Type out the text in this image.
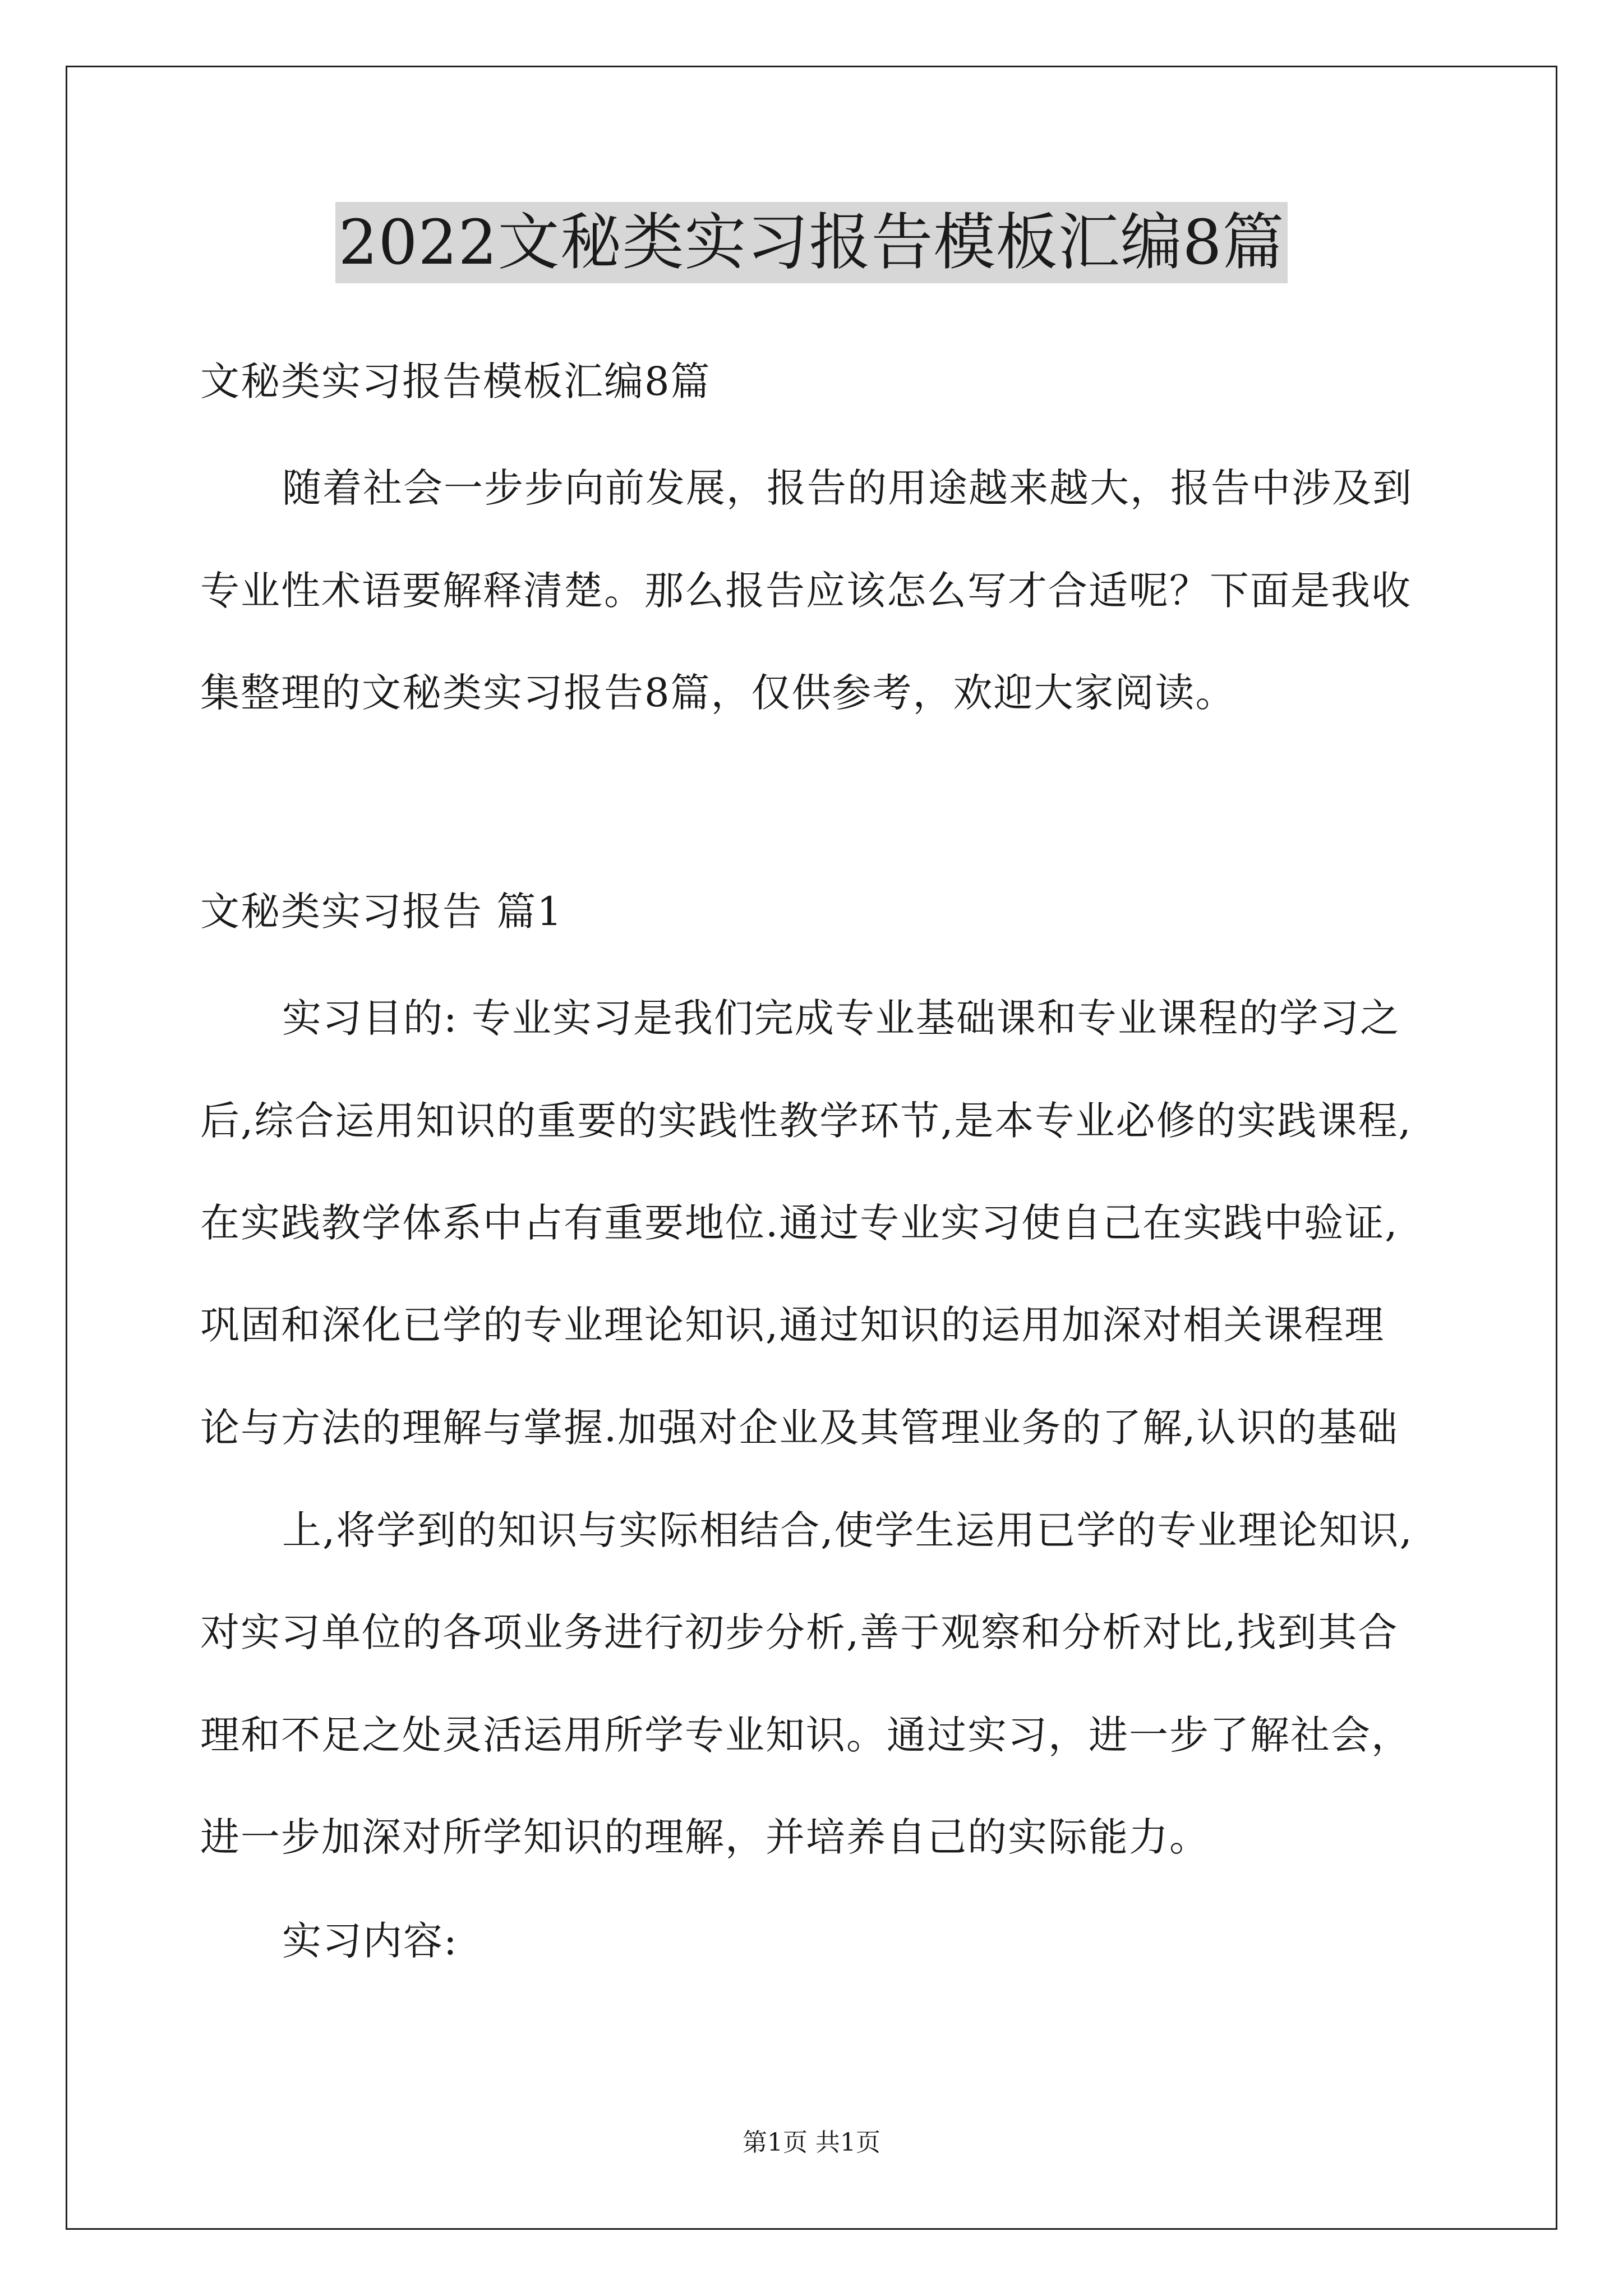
2022文秘类实习报告模板汇编8篇
文秘类实习报告模板汇编8篇
随着社会一步步向前发展，报告的用途越来越大，报告中涉及到
专业性术语要解释清楚。那么报告应该怎么写才合适呢？下面是我收
集整理的文秘类实习报告8篇，仅供参考，欢迎大家阅读。
文秘类实习报告 篇1
实习目的: 专业实习是我们完成专业基础课和专业课程的学习之
后,综合运用知识的重要的实践性教学环节,是本专业必修的实践课程,
在实践教学体系中占有重要地位.通过专业实习使自己在实践中验证,
巩固和深化已学的专业理论知识,通过知识的运用加深对相关课程理
论与方法的理解与掌握.加强对企业及其管理业务的了解,认识的基础
上,将学到的知识与实际相结合,使学生运用已学的专业理论知识,
对实习单位的各项业务进行初步分析,善于观察和分析对比,找到其合
理和不足之处灵活运用所学专业知识。通过实习，进一步了解社会，
进一步加深对所学知识的理解，并培养自己的实际能力。
实习内容:
第1页 共1页
